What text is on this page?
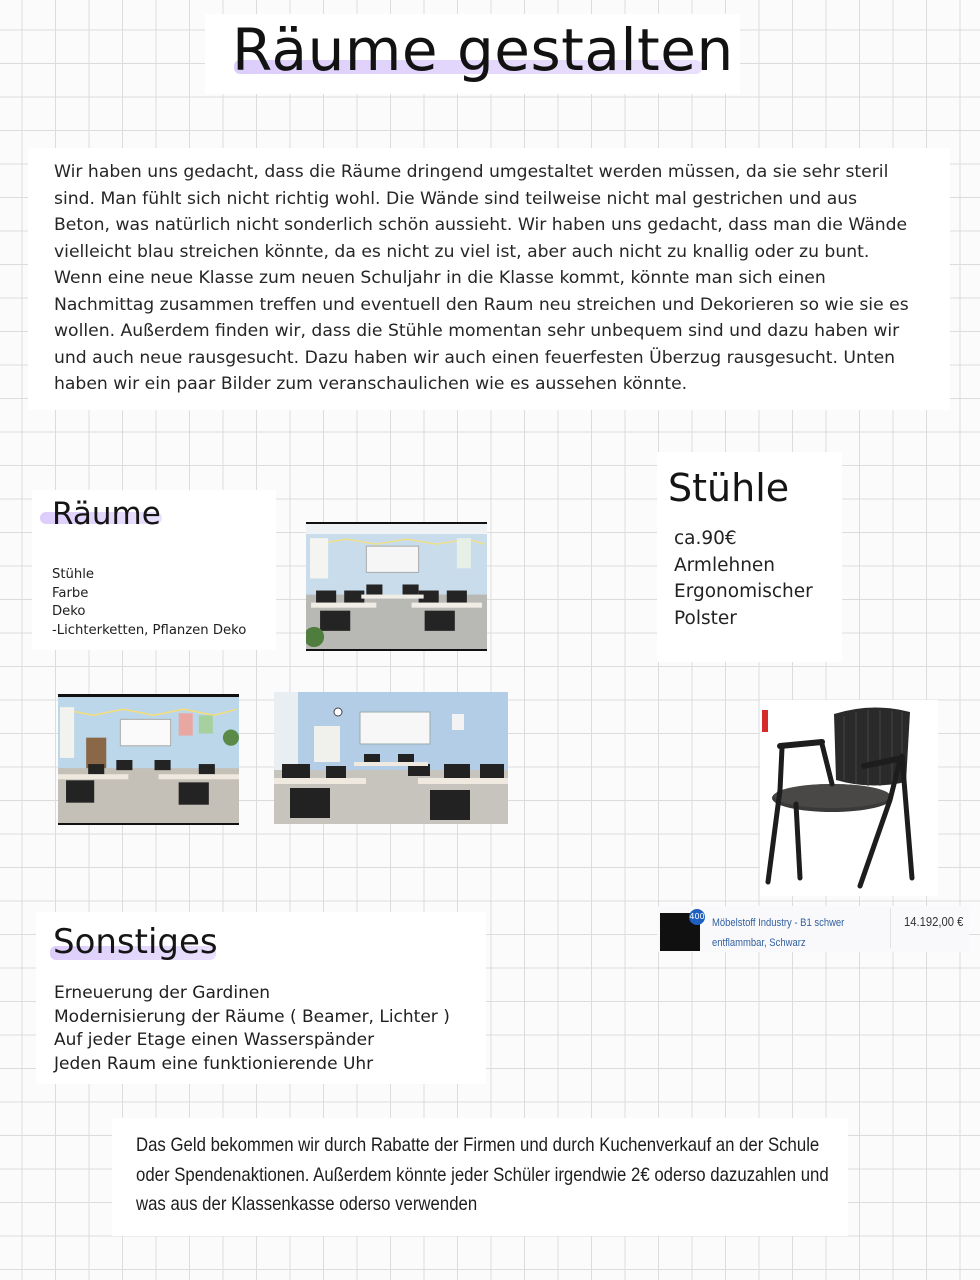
Räume gestalten
Wir haben uns gedacht, dass die Räume dringend umgestaltet werden müssen, da sie sehr steril
sind. Man fühlt sich nicht richtig wohl. Die Wände sind teilweise nicht mal gestrichen und aus
Beton, was natürlich nicht sonderlich schön aussieht. Wir haben uns gedacht, dass man die Wände
vielleicht blau streichen könnte, da es nicht zu viel ist, aber auch nicht zu knallig oder zu bunt.
Wenn eine neue Klasse zum neuen Schuljahr in die Klasse kommt, könnte man sich einen
Nachmittag zusammen treffen und eventuell den Raum neu streichen und Dekorieren so wie sie es
wollen. Außerdem finden wir, dass die Stühle momentan sehr unbequem sind und dazu haben wir
und auch neue rausgesucht. Dazu haben wir auch einen feuerfesten Überzug rausgesucht. Unten
haben wir ein paar Bilder zum veranschaulichen wie es aussehen könnte.
Räume
Stühle
Farbe
Deko
-Lichterketten, Pflanzen Deko
Stühle
ca.90€
Armlehnen
Ergonomischer
Polster
400
Möbelstoff Industry - B1 schwer
entflammbar, Schwarz
14.192,00 €
Sonstiges
Erneuerung der Gardinen
Modernisierung der Räume ( Beamer, Lichter )
Auf jeder Etage einen Wasserspänder
Jeden Raum eine funktionierende Uhr
Das Geld bekommen wir durch Rabatte der Firmen und durch Kuchenverkauf an der Schule
oder Spendenaktionen. Außerdem könnte jeder Schüler irgendwie 2€ oderso dazuzahlen und
was aus der Klassenkasse oderso verwenden
